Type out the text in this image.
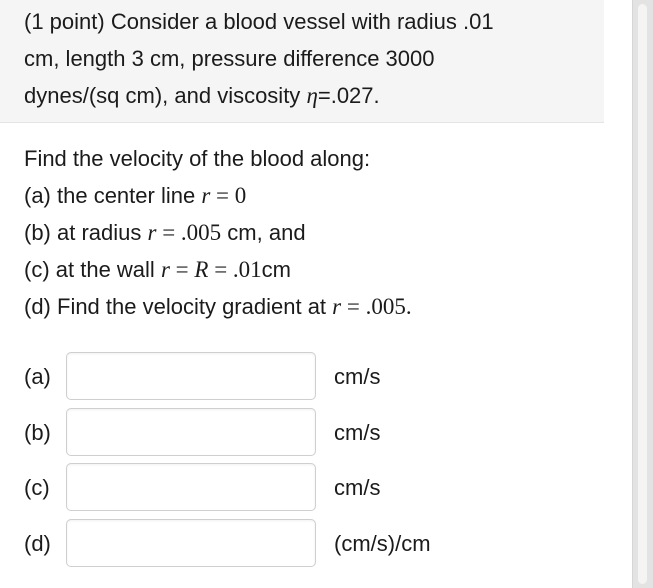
(1 point) Consider a blood vessel with radius .01
cm, length 3 cm, pressure difference 3000
dynes/(sq cm), and viscosity η=.027.
Find the velocity of the blood along:
(a) the center line r = 0
(b) at radius r = .005 cm, and
(c) at the wall r = R = .01cm
(d) Find the velocity gradient at r = .005.
(a)	cm/s
(b)	cm/s
(c)	cm/s
(d)	(cm/s)/cm
